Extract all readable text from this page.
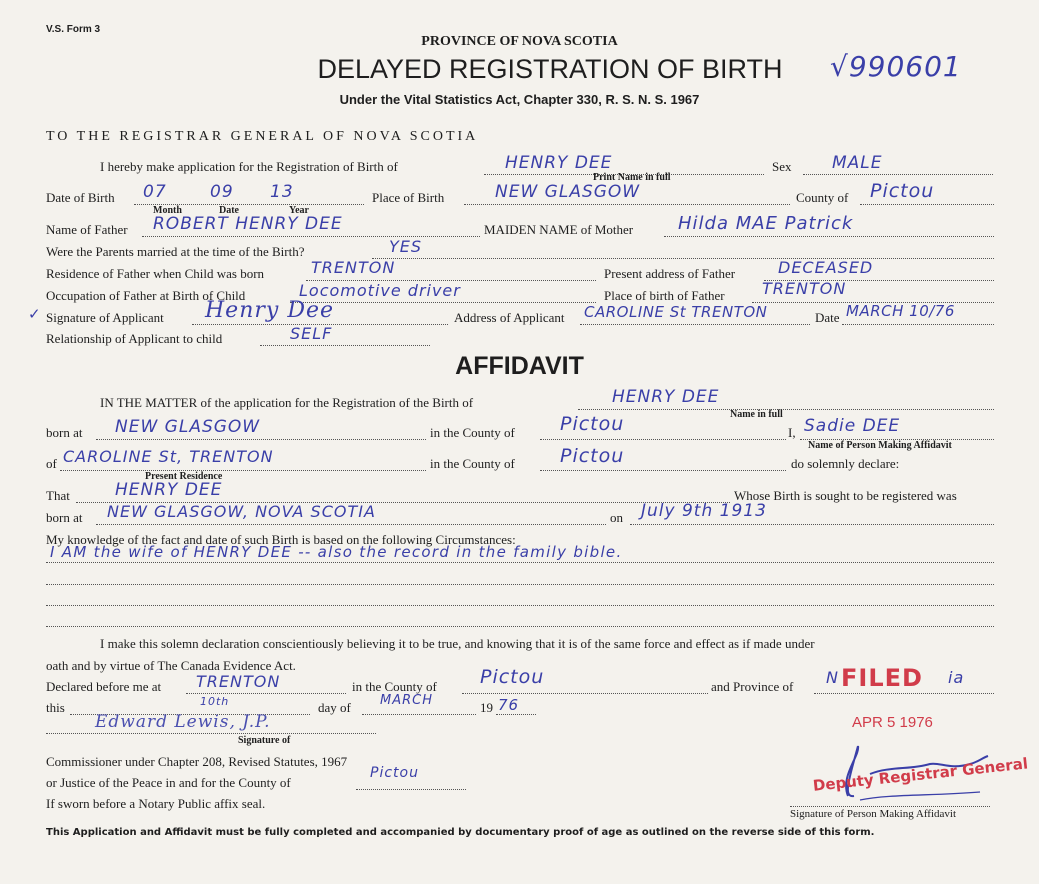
V.S. Form 3
PROVINCE OF NOVA SCOTIA
DELAYED REGISTRATION OF BIRTH
Under the Vital Statistics Act, Chapter 330, R. S. N. S. 1967
√990601
TO THE REGISTRAR GENERAL OF NOVA SCOTIA
I hereby make application for the Registration of Birth of	HENRY DEE
Print Name in full
Sex MALE
Date of Birth 07	09 13
Month	Date	Year
Place of Birth	NEW GLASGOW	County of Pictou
Name of Father ROBERT HENRY DEE	MAIDEN NAME of Mother Hilda MAE Patrick
Were the Parents married at the time of the Birth?	YES
Residence of Father when Child was born	TRENTON	Present address of Father	DECEASED
Occupation of Father at Birth of Child	Locomotive driver	Place of birth of Father TRENTON
✓ Signature of Applicant Henry Dee	Address of Applicant CAROLINE St TRENTON	Date MARCH 10/76
Relationship of Applicant to child	SELF
AFFIDAVIT
IN THE MATTER of the application for the Registration of the Birth of	HENRY DEE
Name in full
born at NEW GLASGOW	in the County of Pictou	I, Sadie DEE
Name of Person Making Affidavit
of CAROLINE St, TRENTON
Present Residence
in the County of Pictou	do solemnly declare:
That	HENRY DEE	Whose Birth is sought to be registered was
born at NEW GLASGOW, NOVA SCOTIA	on July 9th 1913
My knowledge of the fact and date of such Birth is based on the following Circumstances:
I AM the wife of HENRY DEE -- also the record in the family bible.
I make this solemn declaration conscientiously believing it to be true, and knowing that it is of the same force and effect as if made under
oath and by virtue of The Canada Evidence Act.
Declared before me at TRENTON	in the County of Pictou	and Province of N FILED ia
this	10th	day of MARCH	19 76
Edward Lewis, J.P.
Signature of
Commissioner under Chapter 208, Revised Statutes, 1967
or Justice of the Peace in and for the County of
Pictou
If sworn before a Notary Public affix seal.
APR 5 1976
Deputy Registrar General
Signature of Person Making Affidavit
This Application and Affidavit must be fully completed and accompanied by documentary proof of age as outlined on the reverse side of this form.
